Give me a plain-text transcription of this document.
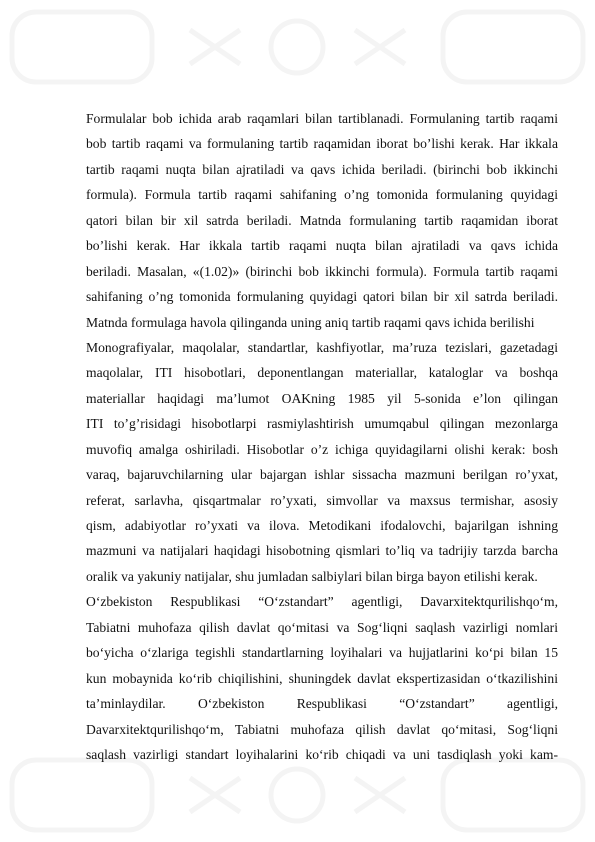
Formulalar bob ichida arab raqamlari bilan tartiblanadi. Formulaning tartib raqami
bob tartib raqami va formulaning tartib raqamidan iborat bo’lishi kerak. Har ikkala
tartib raqami nuqta bilan ajratiladi va qavs ichida beriladi. (birinchi bob ikkinchi
formula). Formula tartib raqami sahifaning o’ng tomonida formulaning quyidagi
qatori bilan bir xil satrda beriladi. Matnda formulaning tartib raqamidan iborat
bo’lishi kerak. Har ikkala tartib raqami nuqta bilan ajratiladi va qavs ichida
beriladi. Masalan, «(1.02)» (birinchi bob ikkinchi formula). Formula tartib raqami
sahifaning o’ng tomonida formulaning quyidagi qatori bilan bir xil satrda beriladi.
Matnda formulaga havola qilinganda uning aniq tartib raqami qavs ichida berilishi
Monografiyalar, maqolalar, standartlar, kashfiyotlar, ma’ruza tezislari, gazetadagi
maqolalar, ITI hisobotlari, deponentlangan materiallar, kataloglar va boshqa
materiallar haqidagi ma’lumot OAKning 1985 yil 5-sonida e’lon qilingan
ITI to’g’risidagi hisobotlarpi rasmiylashtirish umumqabul qilingan mezonlarga
muvofiq amalga oshiriladi. Hisobotlar o’z ichiga quyidagilarni olishi kerak: bosh
varaq, bajaruvchilarning ular bajargan ishlar sissacha mazmuni berilgan ro’yxat,
referat, sarlavha, qisqartmalar ro’yxati, simvollar va maxsus termishar, asosiy
qism, adabiyotlar ro’yxati va ilova. Metodikani ifodalovchi, bajarilgan ishning
mazmuni va natijalari haqidagi hisobotning qismlari to’liq va tadrijiy tarzda barcha
oralik va yakuniy natijalar, shu jumladan salbiylari bilan birga bayon etilishi kerak.
O‘zbekiston Respublikasi “O‘zstandart” agentligi, Davarxitektqurilishqo‘m,
Tabiatni muhofaza qilish davlat qo‘mitasi va Sog‘liqni saqlash vazirligi nomlari
bo‘yicha o‘zlariga tegishli standartlarning loyihalari va hujjatlarini ko‘pi bilan 15
kun mobaynida ko‘rib chiqilishini, shuningdek davlat ekspertizasidan o‘tkazilishini
ta’minlaydilar. O‘zbekiston Respublikasi “O‘zstandart” agentligi,
Davarxitektqurilishqo‘m, Tabiatni muhofaza qilish davlat qo‘mitasi, Sog‘liqni
saqlash vazirligi standart loyihalarini ko‘rib chiqadi va uni tasdiqlash yoki kam-
